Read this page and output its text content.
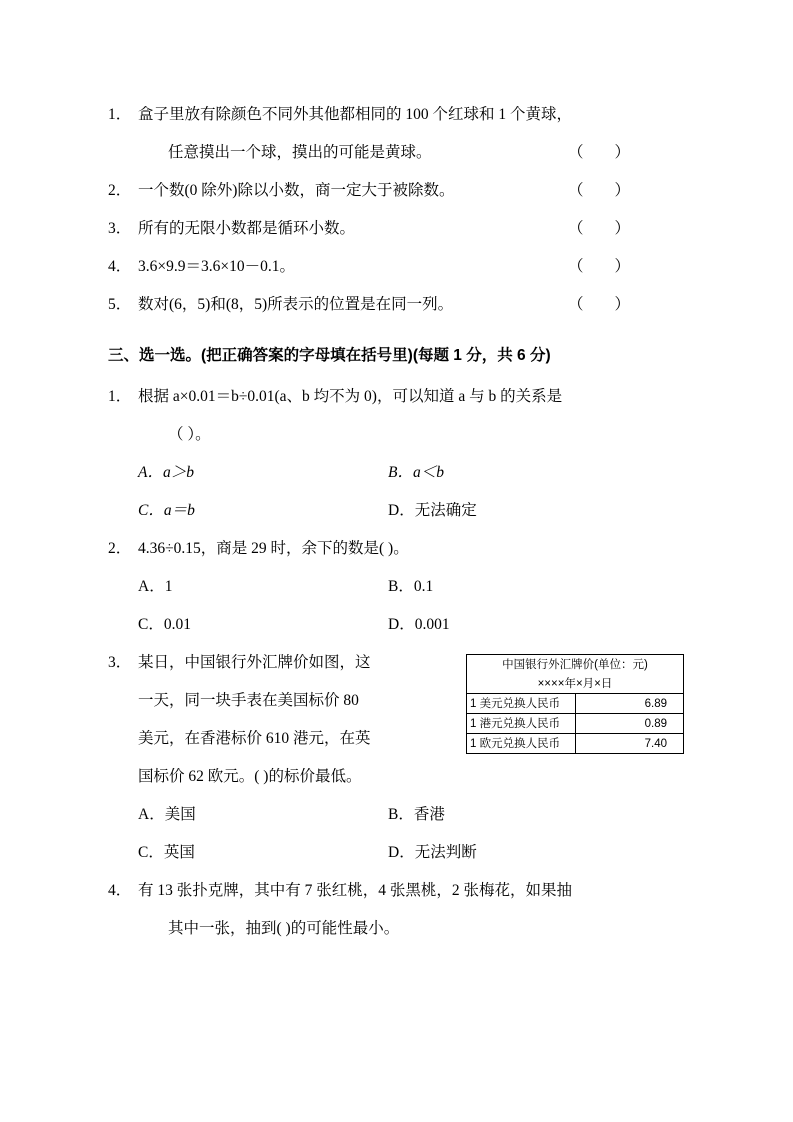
1． 盒子里放有除颜色不同外其他都相同的 100 个红球和 1 个黄球，
任意摸出一个球，摸出的可能是黄球。	（        ）
2． 一个数(0 除外)除以小数，商一定大于被除数。	（        ）
3． 所有的无限小数都是循环小数。	（        ）
4． 3.6×9.9＝3.6×10－0.1。	（        ）
5． 数对(6，5)和(8，5)所表示的位置是在同一列。	（        ）
三、选一选。(把正确答案的字母填在括号里)(每题 1 分，共 6 分)
1． 根据 a×0.01＝b÷0.01(a、b 均不为 0)，可以知道 a 与 b 的关系是
（ ）。
A．a＞b	B．a＜b
C．a＝b	D．无法确定
2． 4.36÷0.15，商是 29 时，余下的数是( )。
A．1	B．0.1
C．0.01	D．0.001
3． 某日，中国银行外汇牌价如图，这
一天，同一块手表在美国标价 80
美元，在香港标价 610 港元，在英
中国银行外汇牌价(单位：元)	
××××年×月×日	
1 美元兑换人民币	6.89
1 港元兑换人民币	0.89
1 欧元兑换人民币	7.40
国标价 62 欧元。( )的标价最低。
A．美国	B．香港
C．英国	D．无法判断
4． 有 13 张扑克牌，其中有 7 张红桃，4 张黑桃，2 张梅花，如果抽
其中一张，抽到( )的可能性最小。
